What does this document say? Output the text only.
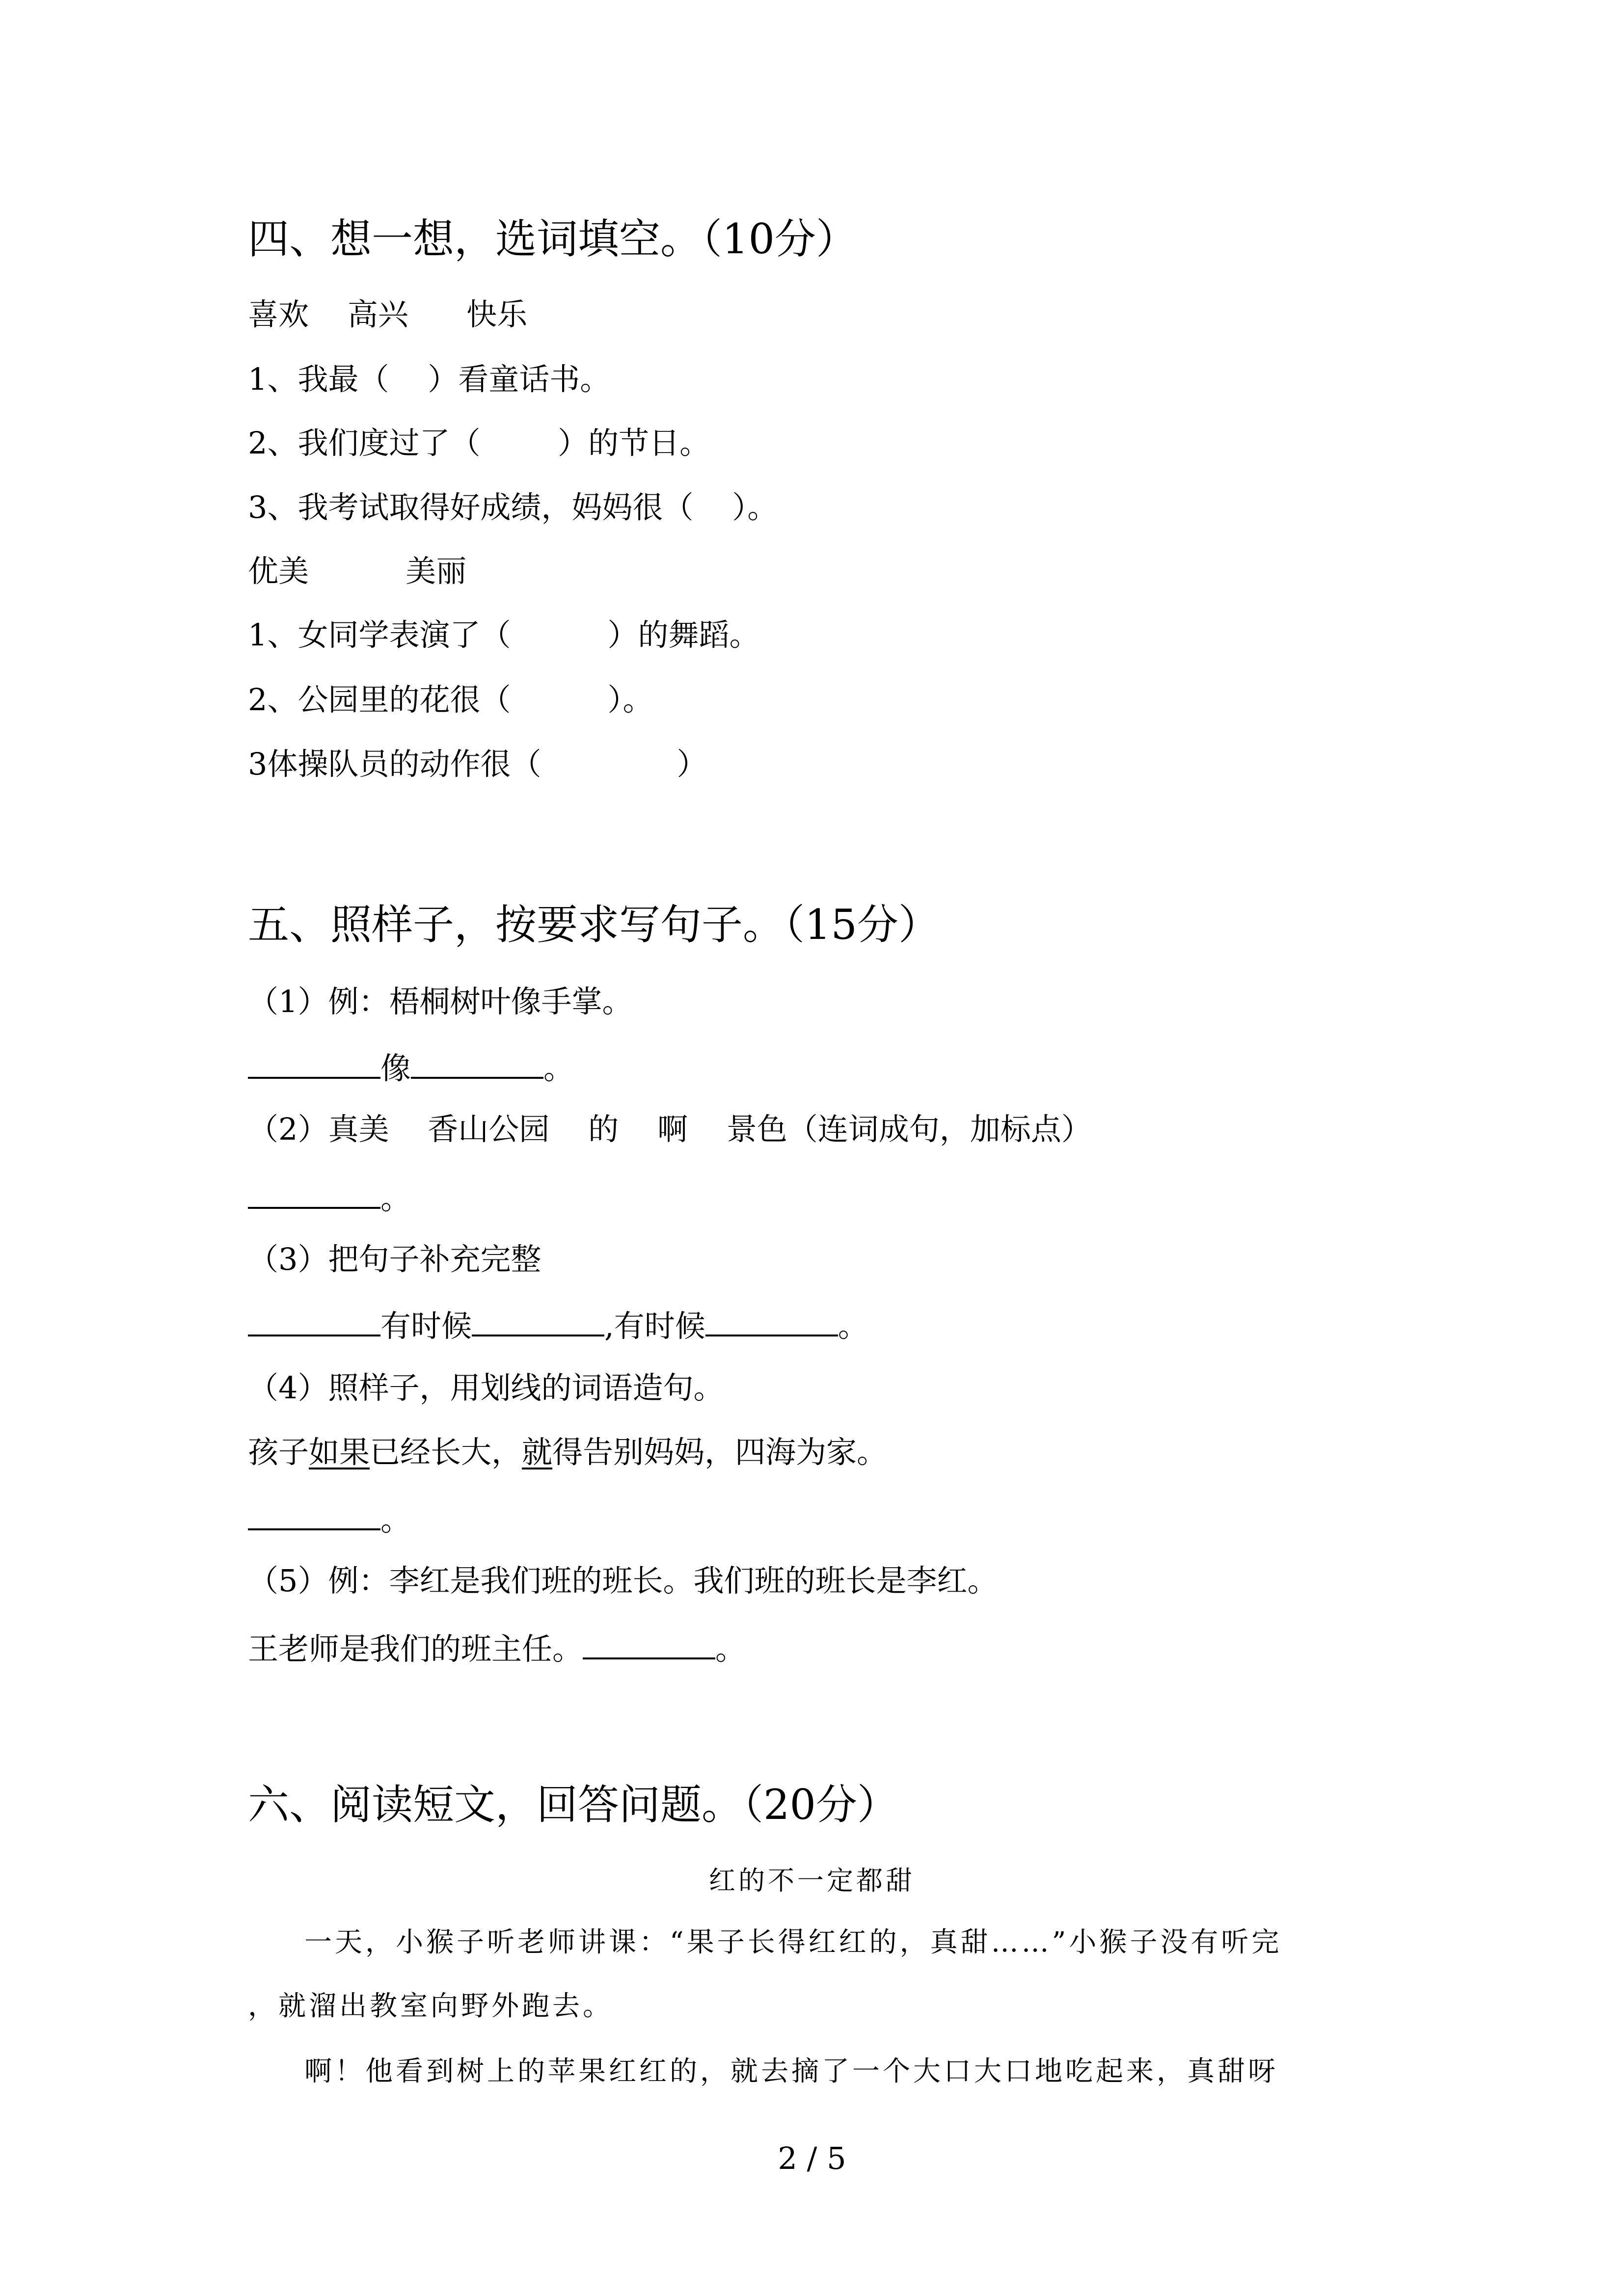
四、想一想，选词填空。（10分）
喜欢    高兴      快乐
1、我最（    ）看童话书。
2、我们度过了（        ）的节日。
3、我考试取得好成绩，妈妈很（    ）。
优美          美丽
1、女同学表演了（          ）的舞蹈。
2、公园里的花很（          ）。
3体操队员的动作很（              ）
五、照样子，按要求写句子。（15分）
（1）例：梧桐树叶像手掌。
像	。
（2）真美    香山公园    的    啊    景色（连词成句，加标点）
。
（3）把句子补充完整
有时候	,有时候	。
（4）照样子，用划线的词语造句。
孩子如果已经长大，就得告别妈妈，四海为家。
。
（5）例：李红是我们班的班长。我们班的班长是李红。
王老师是我们的班主任。	。
六、阅读短文，回答问题。（20分）
红的不一定都甜
一天，小猴子听老师讲课：“果子长得红红的，真甜……”小猴子没有听完
，就溜出教室向野外跑去。
啊！他看到树上的苹果红红的，就去摘了一个大口大口地吃起来，真甜呀
2 / 5
